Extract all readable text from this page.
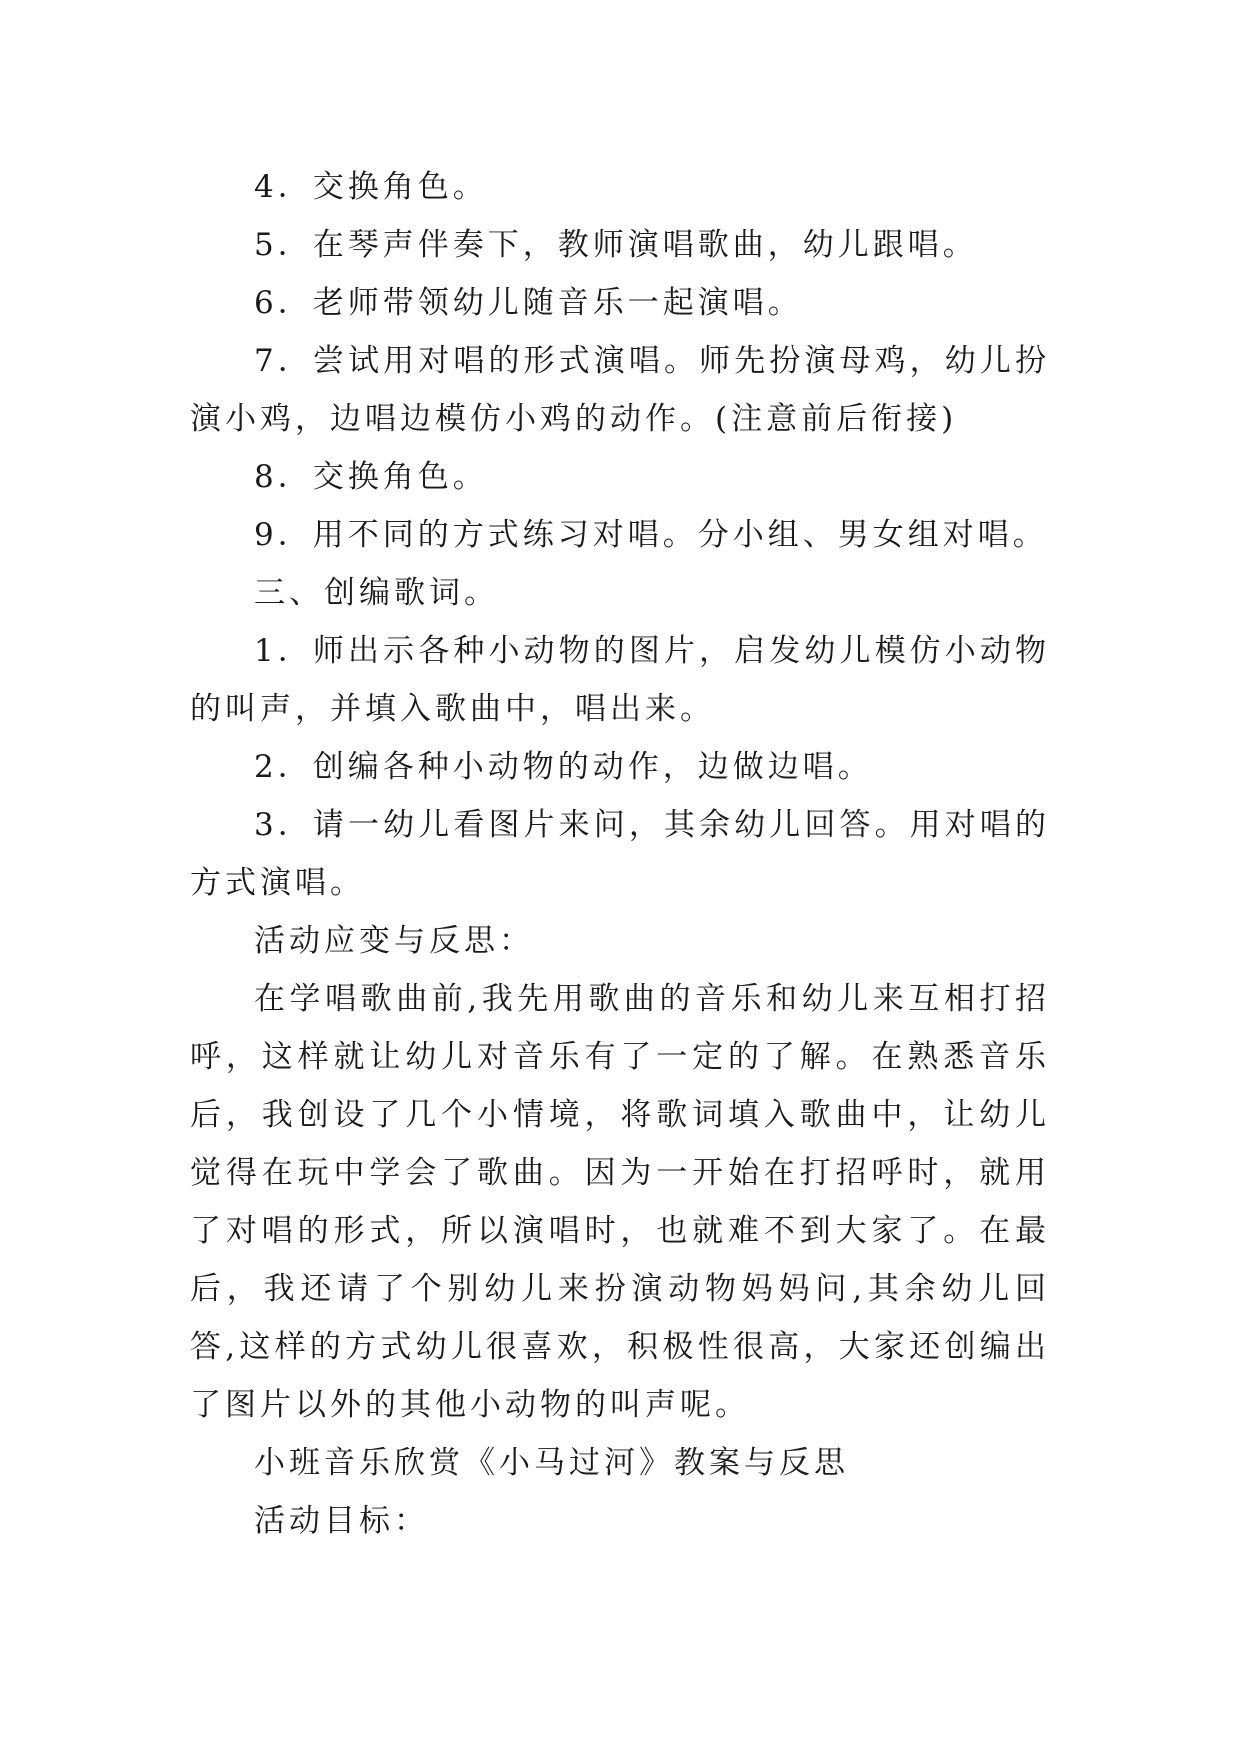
4．交换角色。

5．在琴声伴奏下，教师演唱歌曲，幼儿跟唱。

6．老师带领幼儿随音乐一起演唱。

7．尝试用对唱的形式演唱。师先扮演母鸡，幼儿扮演小鸡，边唱边模仿小鸡的动作。(注意前后衔接)

8．交换角色。

9．用不同的方式练习对唱。分小组、男女组对唱。

三、创编歌词。

1．师出示各种小动物的图片，启发幼儿模仿小动物的叫声，并填入歌曲中，唱出来。

2．创编各种小动物的动作，边做边唱。

3．请一幼儿看图片来问，其余幼儿回答。用对唱的方式演唱。

活动应变与反思：

在学唱歌曲前,我先用歌曲的音乐和幼儿来互相打招呼，这样就让幼儿对音乐有了一定的了解。在熟悉音乐后，我创设了几个小情境，将歌词填入歌曲中，让幼儿觉得在玩中学会了歌曲。因为一开始在打招呼时，就用了对唱的形式，所以演唱时，也就难不到大家了。在最后，我还请了个别幼儿来扮演动物妈妈问,其余幼儿回答,这样的方式幼儿很喜欢，积极性很高，大家还创编出了图片以外的其他小动物的叫声呢。

小班音乐欣赏《小马过河》教案与反思

活动目标：
